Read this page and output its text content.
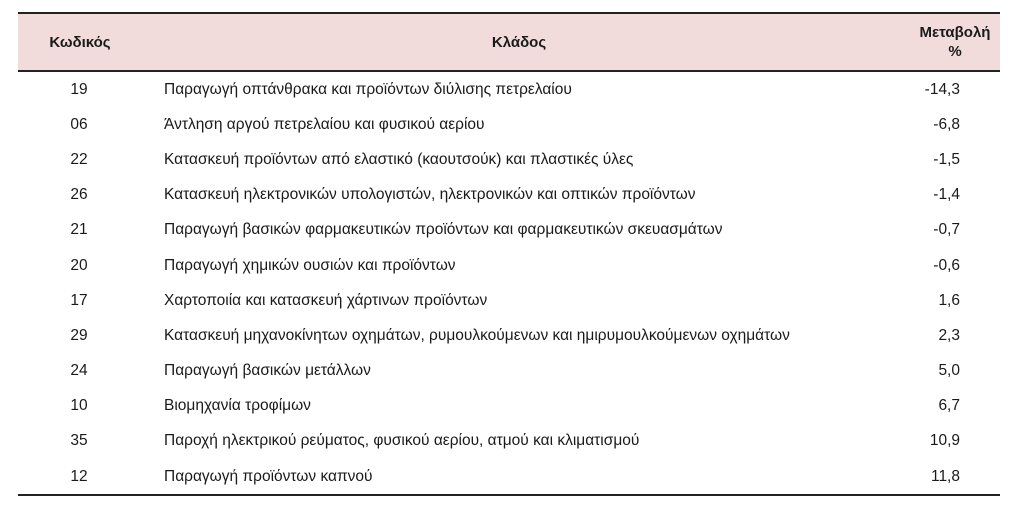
Κωδικός	Κλάδος	Μεταβολή
%

19	Παραγωγή οπτάνθρακα και προϊόντων διύλισης πετρελαίου	-14,3
06	Άντληση αργού πετρελαίου και φυσικού αερίου	-6,8
22	Κατασκευή προϊόντων από ελαστικό (καουτσούκ) και πλαστικές ύλες	-1,5
26	Κατασκευή ηλεκτρονικών υπολογιστών, ηλεκτρονικών και οπτικών προϊόντων	-1,4
21	Παραγωγή βασικών φαρμακευτικών προϊόντων και φαρμακευτικών σκευασμάτων	-0,7
20	Παραγωγή χημικών ουσιών και προϊόντων	-0,6
17	Χαρτοποιία και κατασκευή χάρτινων προϊόντων	1,6
29	Κατασκευή μηχανοκίνητων οχημάτων, ρυμουλκούμενων και ημιρυμουλκούμενων οχημάτων	2,3
24	Παραγωγή βασικών μετάλλων	5,0
10	Βιομηχανία τροφίμων	6,7
35	Παροχή ηλεκτρικού ρεύματος, φυσικού αερίου, ατμού και κλιματισμού	10,9
12	Παραγωγή προϊόντων καπνού	11,8
